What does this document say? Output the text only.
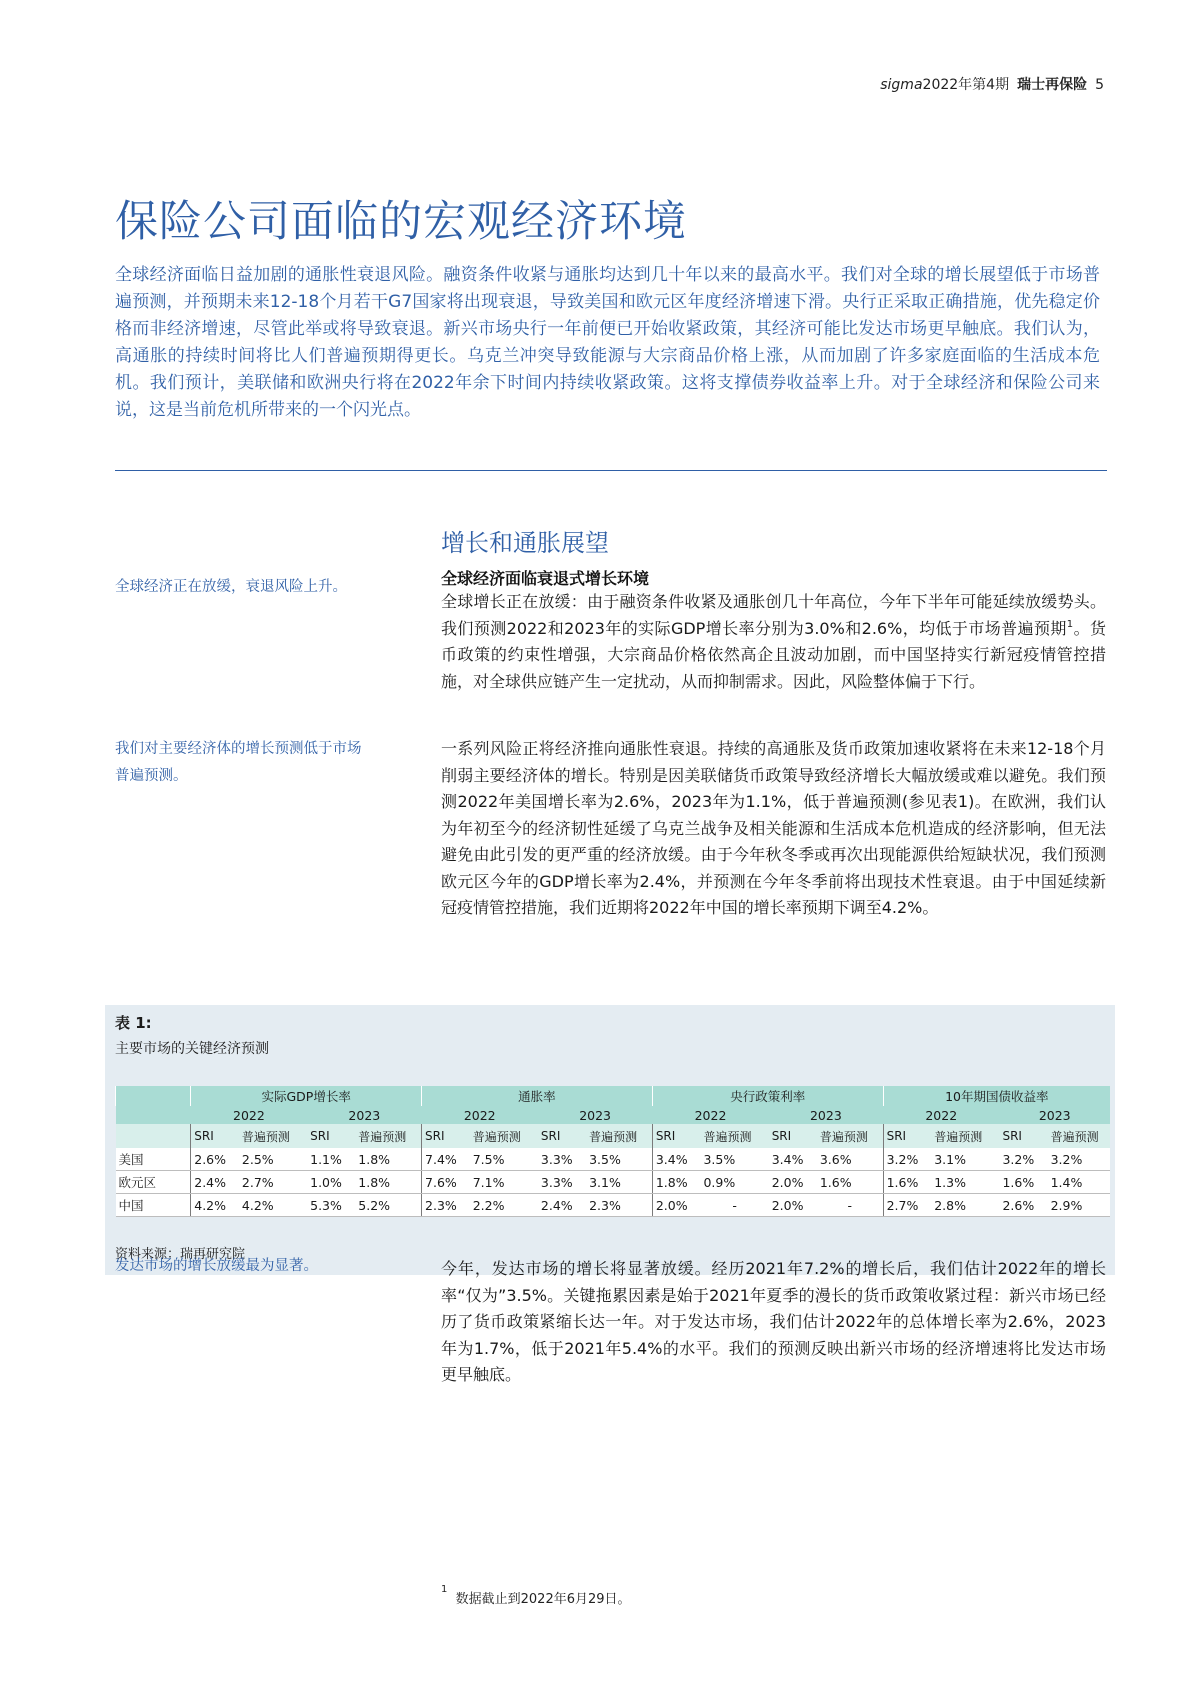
sigma2022年第4期 瑞士再保险 5
保险公司面临的宏观经济环境
全球经济面临日益加剧的通胀性衰退风险。融资条件收紧与通胀均达到几十年以来的最高水平。我们对全球的增长展望低于市场普遍预测，并预期未来12-18个月若干G7国家将出现衰退，导致美国和欧元区年度经济增速下滑。央行正采取正确措施，优先稳定价格而非经济增速，尽管此举或将导致衰退。新兴市场央行一年前便已开始收紧政策，其经济可能比发达市场更早触底。我们认为，高通胀的持续时间将比人们普遍预期得更长。乌克兰冲突导致能源与大宗商品价格上涨，从而加剧了许多家庭面临的生活成本危机。我们预计，美联储和欧洲央行将在2022年余下时间内持续收紧政策。这将支撑债券收益率上升。对于全球经济和保险公司来说，这是当前危机所带来的一个闪光点。
增长和通胀展望
全球经济面临衰退式增长环境
全球经济正在放缓，衰退风险上升。
全球增长正在放缓：由于融资条件收紧及通胀创几十年高位，今年下半年可能延续放缓势头。我们预测2022和2023年的实际GDP增长率分别为3.0%和2.6%，均低于市场普遍预期$^1$。货币政策的约束性增强，大宗商品价格依然高企且波动加剧，而中国坚持实行新冠疫情管控措施，对全球供应链产生一定扰动，从而抑制需求。因此，风险整体偏于下行。
我们对主要经济体的增长预测低于市场普遍预测。
一系列风险正将经济推向通胀性衰退。持续的高通胀及货币政策加速收紧将在未来12-18个月削弱主要经济体的增长。特别是因美联储货币政策导致经济增长大幅放缓或难以避免。我们预测2022年美国增长率为2.6%，2023年为1.1%，低于普遍预测(参见表1)。在欧洲，我们认为年初至今的经济韧性延缓了乌克兰战争及相关能源和生活成本危机造成的经济影响，但无法避免由此引发的更严重的经济放缓。由于今年秋冬季或再次出现能源供给短缺状况，我们预测欧元区今年的GDP增长率为2.4%，并预测在今年冬季前将出现技术性衰退。由于中国延续新冠疫情管控措施，我们近期将2022年中国的增长率预期下调至4.2%。
表 1:
主要市场的关键经济预测
	实际GDP增长率				通胀率				央行政策利率				10年期国债收益率			
	2022		2023		2022		2023		2022		2023		2022		2023	
	SRI	普遍预测	SRI	普遍预测	SRI	普遍预测	SRI	普遍预测	SRI	普遍预测	SRI	普遍预测	SRI	普遍预测	SRI	普遍预测
美国	2.6%	2.5%	1.1%	1.8%	7.4%	7.5%	3.3%	3.5%	3.4%	3.5%	3.4%	3.6%	3.2%	3.1%	3.2%	3.2%
欧元区	2.4%	2.7%	1.0%	1.8%	7.6%	7.1%	3.3%	3.1%	1.8%	0.9%	2.0%	1.6%	1.6%	1.3%	1.6%	1.4%
中国	4.2%	4.2%	5.3%	5.2%	2.3%	2.2%	2.4%	2.3%	2.0%	-	2.0%	-	2.7%	2.8%	2.6%	2.9%
资料来源：瑞再研究院
发达市场的增长放缓最为显著。	今年，发达市场的增长将显著放缓。经历2021年7.2%的增长后，我们估计2022年的增长率“仅为”3.5%。关键拖累因素是始于2021年夏季的漫长的货币政策收紧过程：新兴市场已经历了货币政策紧缩长达一年。对于发达市场，我们估计2022年的总体增长率为2.6%，2023年为1.7%，低于2021年5.4%的水平。我们的预测反映出新兴市场的经济增速将比发达市场更早触底。
$^1$  数据截止到2022年6月29日。
